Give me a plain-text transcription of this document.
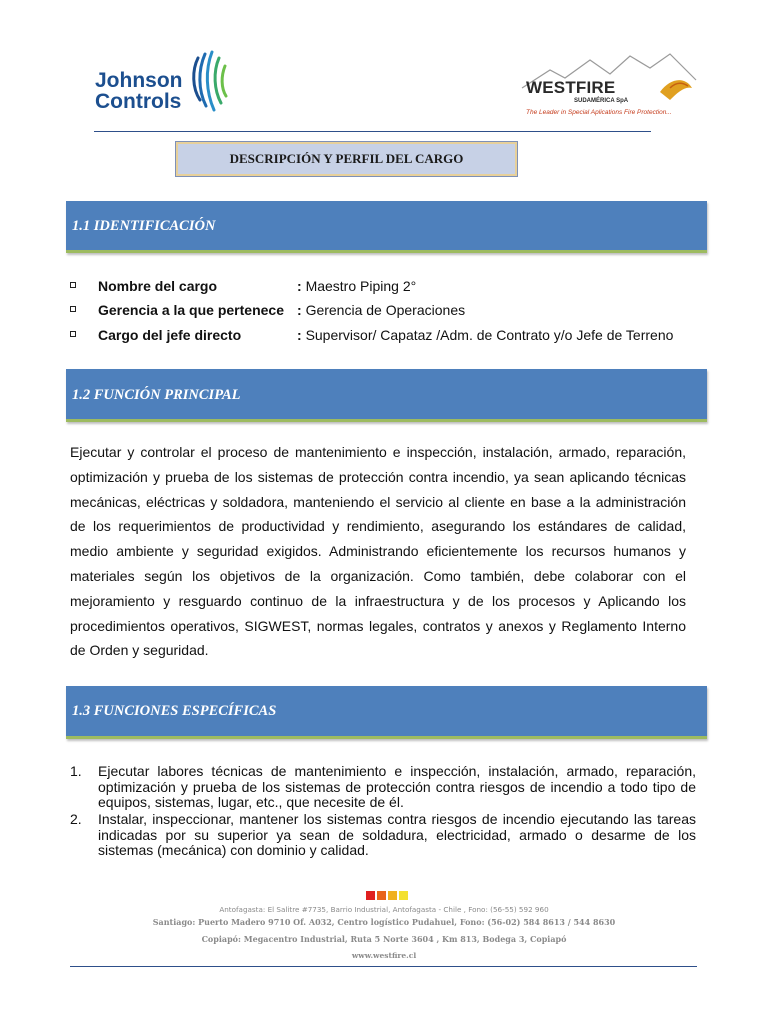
Johnson
Controls
WESTFIRE
SUDAMÉRICA SpA
The Leader in Special Aplications Fire Protection...
DESCRIPCIÓN Y PERFIL DEL CARGO
1.1 IDENTIFICACIÓN
Nombre del cargo	: Maestro Piping 2°
Gerencia a la que pertenece : Gerencia de Operaciones
Cargo del jefe directo	: Supervisor/ Capataz /Adm. de Contrato y/o Jefe de Terreno
1.2 FUNCIÓN PRINCIPAL
Ejecutar y controlar el proceso de mantenimiento e inspección, instalación, armado, reparación, optimización y prueba de los sistemas de protección contra incendio, ya sean aplicando técnicas mecánicas, eléctricas y soldadora, manteniendo el servicio al cliente en base a la administración de los requerimientos de productividad y rendimiento, asegurando los estándares de calidad, medio ambiente y seguridad exigidos. Administrando eficientemente los recursos humanos y materiales según los objetivos de la organización. Como también, debe colaborar con el mejoramiento y resguardo continuo de la infraestructura y de los procesos y Aplicando los procedimientos operativos, SIGWEST, normas legales, contratos y anexos y Reglamento Interno de Orden y seguridad.
1.3 FUNCIONES ESPECÍFICAS
1. Ejecutar labores técnicas de mantenimiento e inspección, instalación, armado, reparación, optimización y prueba de los sistemas de protección contra riesgos de incendio a todo tipo de equipos, sistemas, lugar, etc., que necesite de él.
2. Instalar, inspeccionar, mantener los sistemas contra riesgos de incendio ejecutando las tareas indicadas por su superior ya sean de soldadura, electricidad, armado o desarme de los sistemas (mecánica) con dominio y calidad.
Antofagasta: El Salitre #7735, Barrio Industrial, Antofagasta - Chile , Fono: (56-55) 592 960
Santiago: Puerto Madero 9710 Of. A032, Centro logístico Pudahuel, Fono: (56-02) 584 8613 / 544 8630
Copiapó: Megacentro Industrial, Ruta 5 Norte 3604 , Km 813, Bodega 3, Copiapó
www.westfire.cl
